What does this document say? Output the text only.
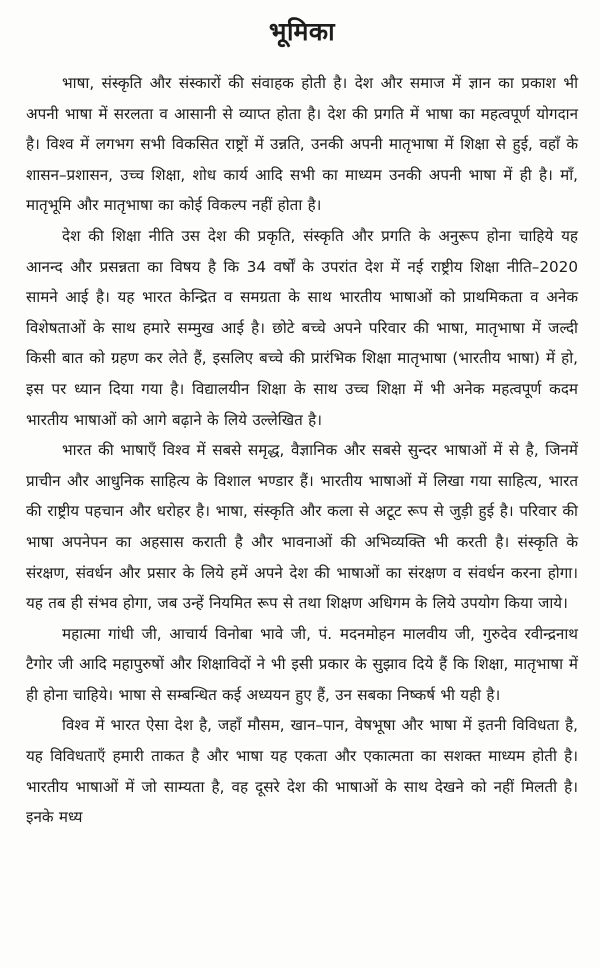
भूमिका

भाषा, संस्कृति और संस्कारों की संवाहक होती है। देश और समाज में ज्ञान का प्रकाश भी अपनी भाषा में सरलता व आसानी से व्याप्त होता है। देश की प्रगति में भाषा का महत्वपूर्ण योगदान है। विश्व में लगभग सभी विकसित राष्ट्रों में उन्नति, उनकी अपनी मातृभाषा में शिक्षा से हुई, वहाँ के शासन–प्रशासन, उच्च शिक्षा, शोध कार्य आदि सभी का माध्यम उनकी अपनी भाषा में ही है। माँ, मातृभूमि और मातृभाषा का कोई विकल्प नहीं होता है।

देश की शिक्षा नीति उस देश की प्रकृति, संस्कृति और प्रगति के अनुरूप होना चाहिये यह आनन्द और प्रसन्नता का विषय है कि 34 वर्षों के उपरांत देश में नई राष्ट्रीय शिक्षा नीति–2020 सामने आई है। यह भारत केन्द्रित व समग्रता के साथ भारतीय भाषाओं को प्राथमिकता व अनेक विशेषताओं के साथ हमारे सम्मुख आई है। छोटे बच्चे अपने परिवार की भाषा, मातृभाषा में जल्दी किसी बात को ग्रहण कर लेते हैं, इसलिए बच्चे की प्रारंभिक शिक्षा मातृभाषा (भारतीय भाषा) में हो, इस पर ध्यान दिया गया है। विद्यालयीन शिक्षा के साथ उच्च शिक्षा में भी अनेक महत्वपूर्ण कदम भारतीय भाषाओं को आगे बढ़ाने के लिये उल्लेखित है।

भारत की भाषाएँ विश्व में सबसे समृद्ध, वैज्ञानिक और सबसे सुन्दर भाषाओं में से है, जिनमें प्राचीन और आधुनिक साहित्य के विशाल भण्डार हैं। भारतीय भाषाओं में लिखा गया साहित्य, भारत की राष्ट्रीय पहचान और धरोहर है। भाषा, संस्कृति और कला से अटूट रूप से जुड़ी हुई है। परिवार की भाषा अपनेपन का अहसास कराती है और भावनाओं की अभिव्यक्ति भी करती है। संस्कृति के संरक्षण, संवर्धन और प्रसार के लिये हमें अपने देश की भाषाओं का संरक्षण व संवर्धन करना होगा। यह तब ही संभव होगा, जब उन्हें नियमित रूप से तथा शिक्षण अधिगम के लिये उपयोग किया जाये।

महात्मा गांधी जी, आचार्य विनोबा भावे जी, पं. मदनमोहन मालवीय जी, गुरुदेव रवीन्द्रनाथ टैगोर जी आदि महापुरुषों और शिक्षाविदों ने भी इसी प्रकार के सुझाव दिये हैं कि शिक्षा, मातृभाषा में ही होना चाहिये। भाषा से सम्बन्धित कई अध्ययन हुए हैं, उन सबका निष्कर्ष भी यही है।

विश्व में भारत ऐसा देश है, जहाँ मौसम, खान–पान, वेषभूषा और भाषा में इतनी विविधता है, यह विविधताएँ हमारी ताकत है और भाषा यह एकता और एकात्मता का सशक्त माध्यम होती है। भारतीय भाषाओं में जो साम्यता है, वह दूसरे देश की भाषाओं के साथ देखने को नहीं मिलती है। इनके मध्य
